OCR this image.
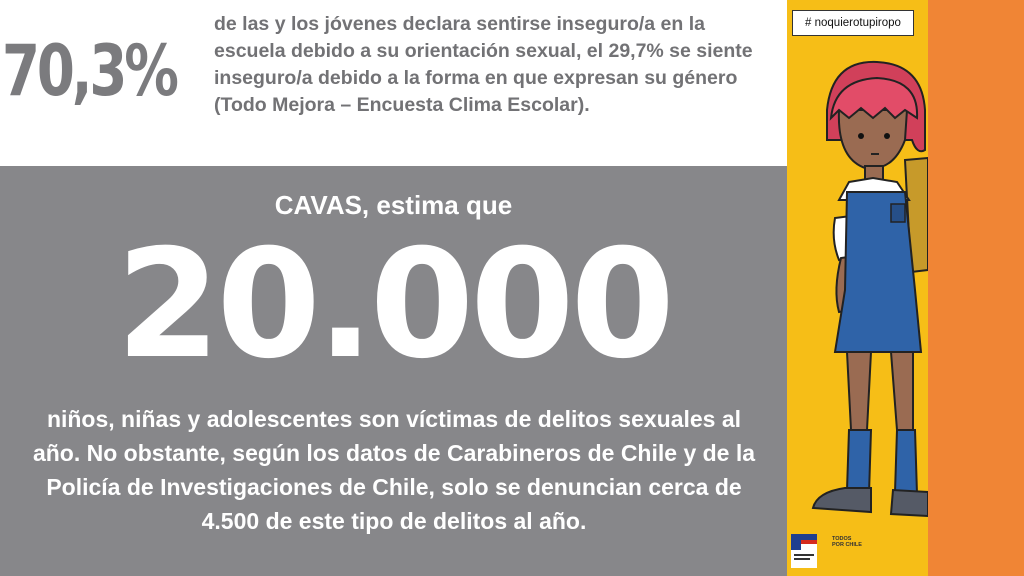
70,3%
de las y los jóvenes declara sentirse inseguro/a en la escuela debido a su orientación sexual, el 29,7% se siente inseguro/a debido a la forma en que expresan su género (Todo Mejora – Encuesta Clima Escolar).
CAVAS, estima que
20.000
niños, niñas y adolescentes son víctimas de delitos sexuales al año. No obstante, según los datos de Carabineros de Chile y de la Policía de Investigaciones de Chile, solo se denuncian cerca de 4.500 de este tipo de delitos al año.
# noquierotupiropo
TODOS POR CHILE
